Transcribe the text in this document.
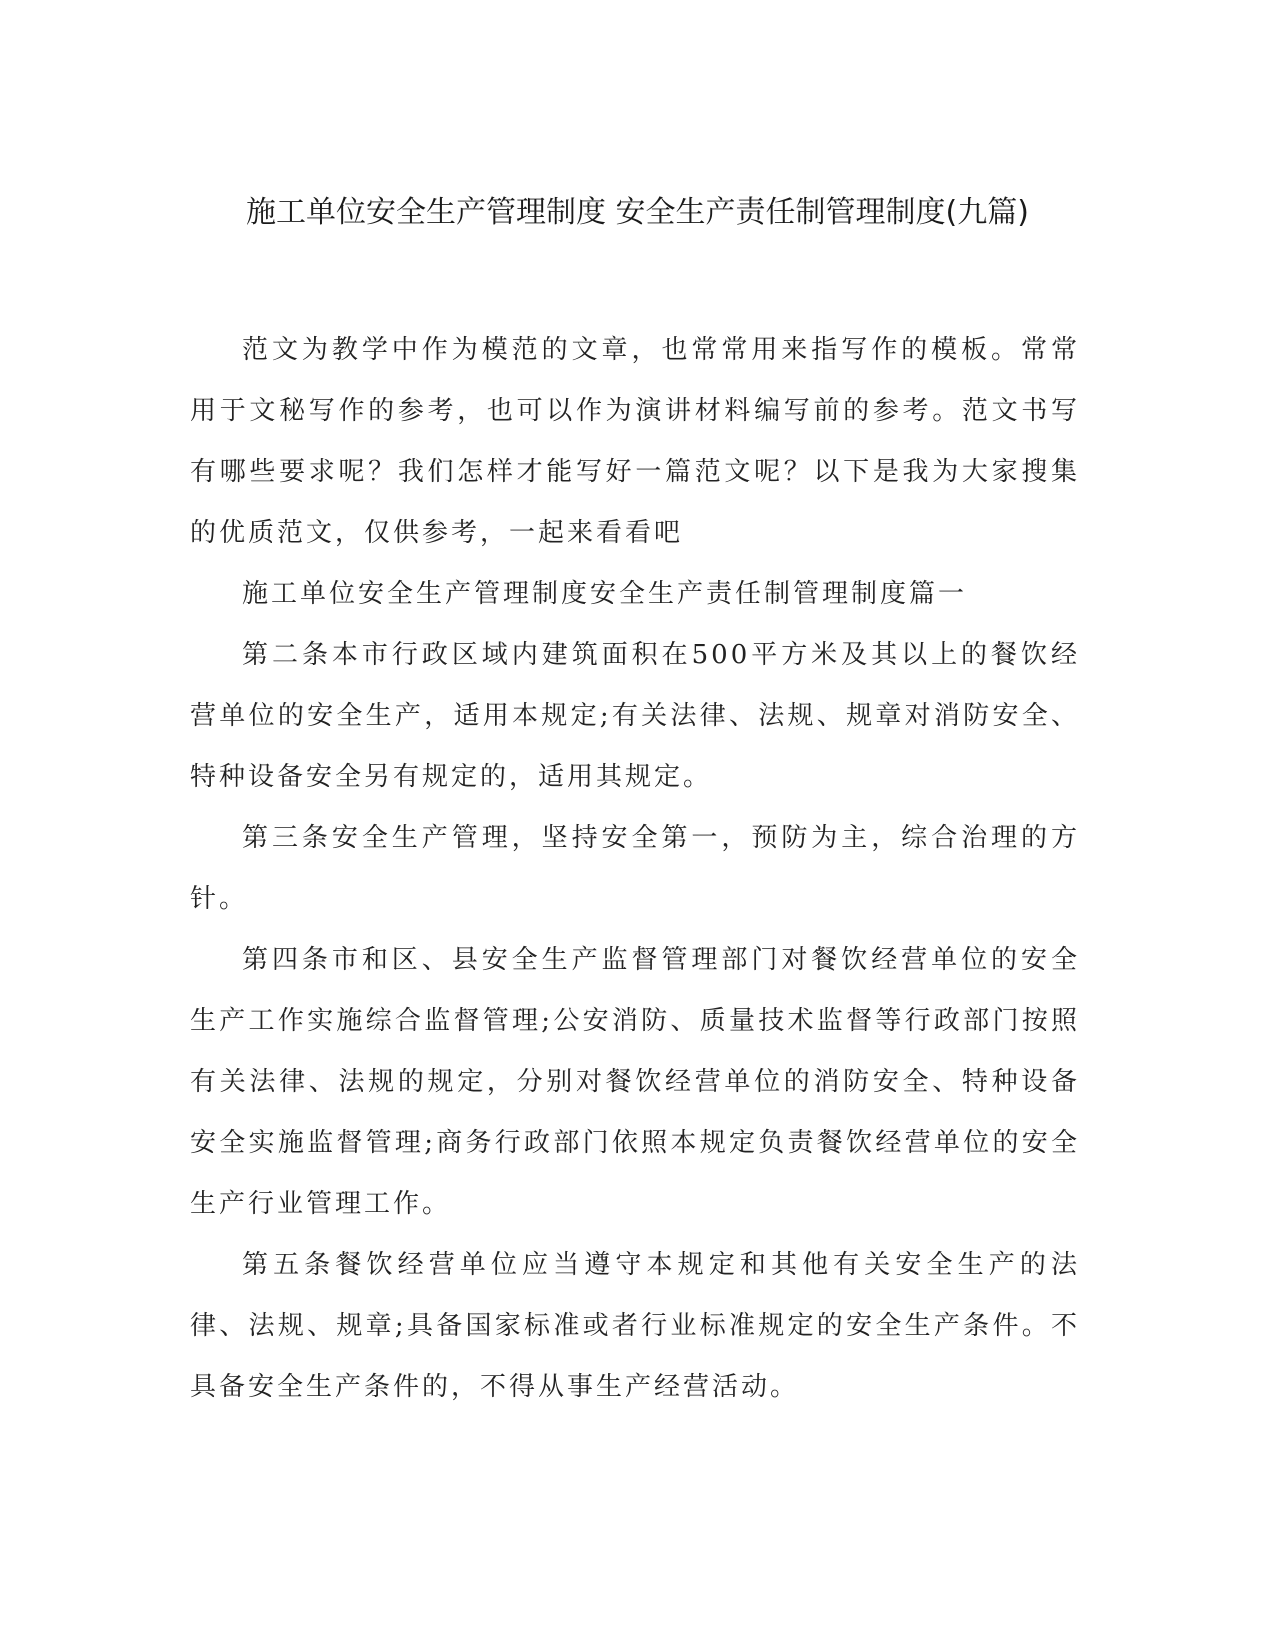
施工单位安全生产管理制度 安全生产责任制管理制度(九篇)

范文为教学中作为模范的文章，也常常用来指写作的模板。常常用于文秘写作的参考，也可以作为演讲材料编写前的参考。范文书写有哪些要求呢？我们怎样才能写好一篇范文呢？以下是我为大家搜集的优质范文，仅供参考，一起来看看吧

施工单位安全生产管理制度安全生产责任制管理制度篇一

第二条本市行政区域内建筑面积在500平方米及其以上的餐饮经营单位的安全生产，适用本规定;有关法律、法规、规章对消防安全、特种设备安全另有规定的，适用其规定。

第三条安全生产管理，坚持安全第一，预防为主，综合治理的方针。

第四条市和区、县安全生产监督管理部门对餐饮经营单位的安全生产工作实施综合监督管理;公安消防、质量技术监督等行政部门按照有关法律、法规的规定，分别对餐饮经营单位的消防安全、特种设备安全实施监督管理;商务行政部门依照本规定负责餐饮经营单位的安全生产行业管理工作。

第五条餐饮经营单位应当遵守本规定和其他有关安全生产的法律、法规、规章;具备国家标准或者行业标准规定的安全生产条件。不具备安全生产条件的，不得从事生产经营活动。
